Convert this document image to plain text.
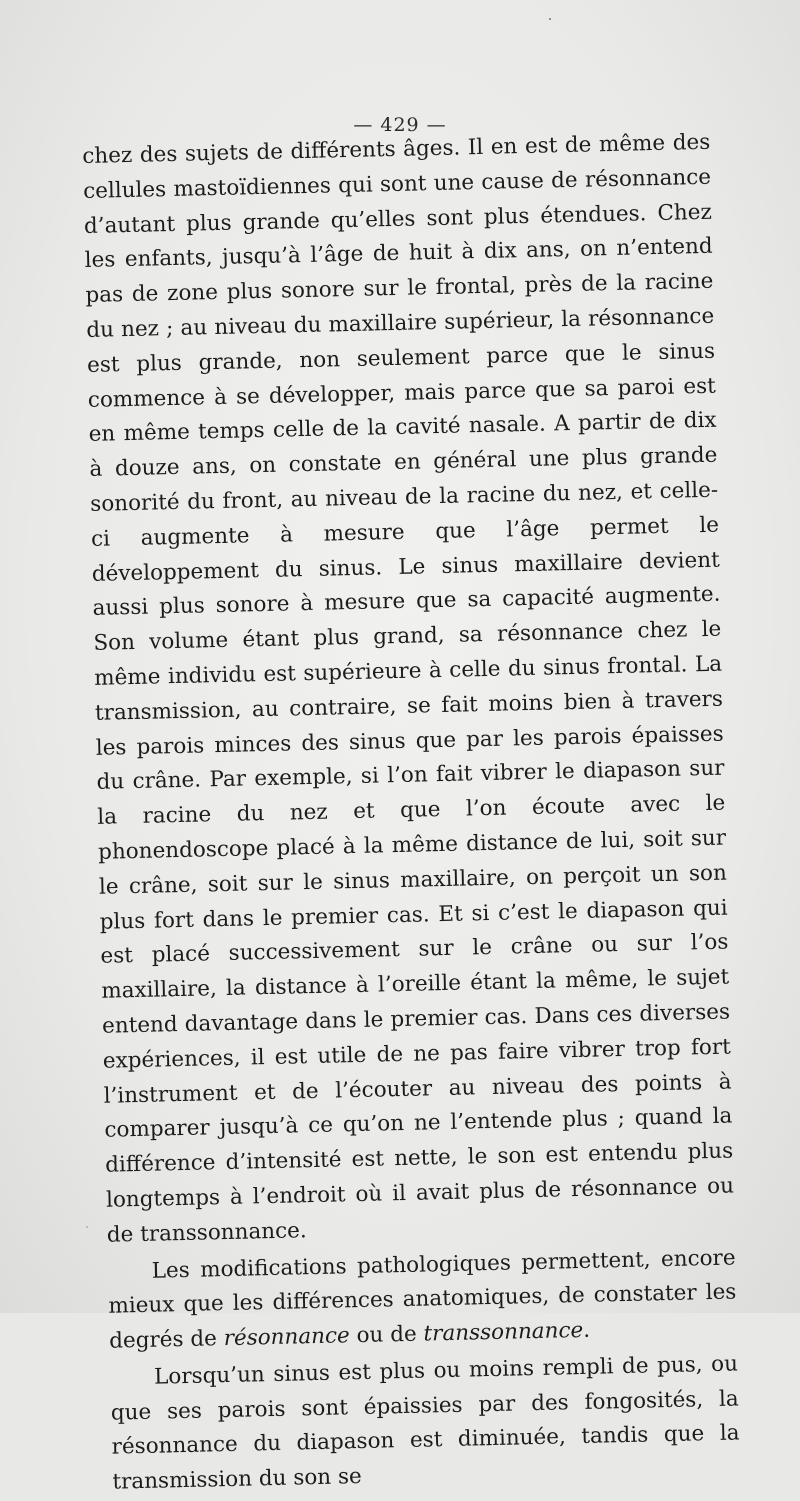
— 429 —

chez des sujets de différents âges. Il en est de même des cellules mastoïdiennes qui sont une cause de résonnance d’autant plus grande qu’elles sont plus étendues. Chez les enfants, jusqu’à l’âge de huit à dix ans, on n’entend pas de zone plus sonore sur le frontal, près de la racine du nez ; au niveau du maxillaire supérieur, la résonnance est plus grande, non seulement parce que le sinus commence à se développer, mais parce que sa paroi est en même temps celle de la cavité nasale. A partir de dix à douze ans, on constate en général une plus grande sonorité du front, au niveau de la racine du nez, et celle-ci augmente à mesure que l’âge permet le développement du sinus. Le sinus maxillaire devient aussi plus sonore à mesure que sa capacité augmente. Son volume étant plus grand, sa résonnance chez le même individu est supérieure à celle du sinus frontal. La transmission, au contraire, se fait moins bien à travers les parois minces des sinus que par les parois épaisses du crâne. Par exemple, si l’on fait vibrer le diapason sur la racine du nez et que l’on écoute avec le phonendoscope placé à la même distance de lui, soit sur le crâne, soit sur le sinus maxillaire, on perçoit un son plus fort dans le premier cas. Et si c’est le diapason qui est placé successivement sur le crâne ou sur l’os maxillaire, la distance à l’oreille étant la même, le sujet entend davantage dans le premier cas. Dans ces diverses expériences, il est utile de ne pas faire vibrer trop fort l’instrument et de l’écouter au niveau des points à comparer jusqu’à ce qu’on ne l’entende plus ; quand la différence d’intensité est nette, le son est entendu plus longtemps à l’endroit où il avait plus de résonnance ou de transsonnance.

Les modifications pathologiques permettent, encore mieux que les différences anatomiques, de constater les degrés de résonnance ou de transsonnance.

Lorsqu’un sinus est plus ou moins rempli de pus, ou que ses parois sont épaissies par des fongosités, la résonnance du diapason est diminuée, tandis que la transmission du son se
